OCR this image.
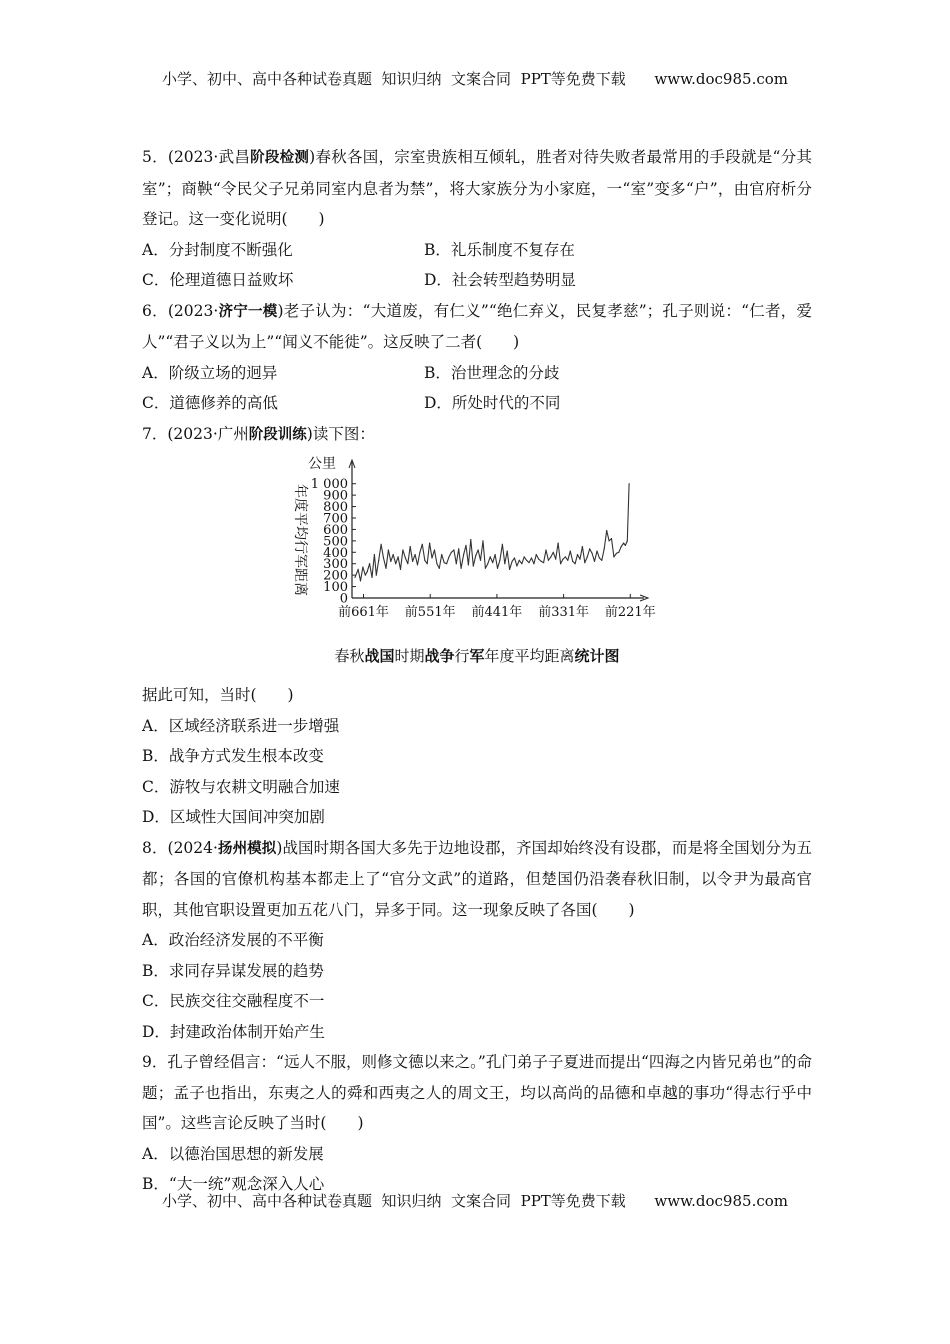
小学、初中、高中各种试卷真题  知识归纳  文案合同  PPT等免费下载      www.doc985.com

5．(2023·武昌阶段检测)春秋各国，宗室贵族相互倾轧，胜者对待失败者最常用的手段就是“分其室”；商鞅“令民父子兄弟同室内息者为禁”，将大家族分为小家庭，一“室”变多“户”，由官府析分登记。这一变化说明(　　)

A．分封制度不断强化	B．礼乐制度不复存在

C．伦理道德日益败坏	D．社会转型趋势明显

6．(2023·济宁一模)老子认为：“大道废，有仁义”“绝仁弃义，民复孝慈”；孔子则说：“仁者，爱人”“君子义以为上”“闻义不能徙”。这反映了二者(　　)

A．阶级立场的迥异	B．治世理念的分歧

C．道德修养的高低	D．所处时代的不同

7．(2023·广州阶段训练)读下图：

公里
年度平均行军距离
0
100
200
300
400
500
600
700
800
900
1 000
前661年 前551年 前441年 前331年 前221年
春秋战国时期战争行军年度平均距离统计图

据此可知，当时(　　)

A．区域经济联系进一步增强

B．战争方式发生根本改变

C．游牧与农耕文明融合加速

D．区域性大国间冲突加剧

8．(2024·扬州模拟)战国时期各国大多先于边地设郡，齐国却始终没有设郡，而是将全国划分为五都；各国的官僚机构基本都走上了“官分文武”的道路，但楚国仍沿袭春秋旧制，以令尹为最高官职，其他官职设置更加五花八门，异多于同。这一现象反映了各国(　　)

A．政治经济发展的不平衡

B．求同存异谋发展的趋势

C．民族交往交融程度不一

D．封建政治体制开始产生

9．孔子曾经倡言：“远人不服，则修文德以来之。”孔门弟子子夏进而提出“四海之内皆兄弟也”的命题；孟子也指出，东夷之人的舜和西夷之人的周文王，均以高尚的品德和卓越的事功“得志行乎中国”。这些言论反映了当时(　　)

A．以德治国思想的新发展

B．“大一统”观念深入人心

小学、初中、高中各种试卷真题  知识归纳  文案合同  PPT等免费下载      www.doc985.com
